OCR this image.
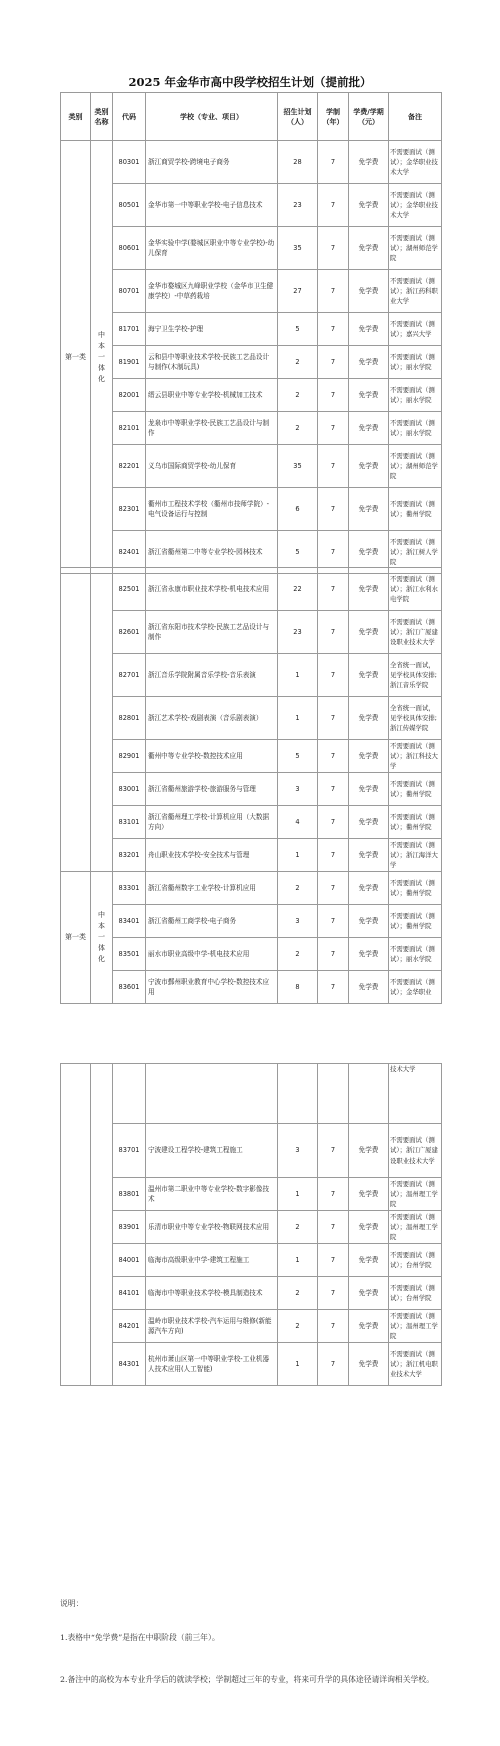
2025 年金华市高中段学校招生计划（提前批）
类别	类别名称	代码	学校（专业、项目）	招生计划（人）	学制（年）	学费/学期（元）	备注
第一类	中本一体化	80301	浙江商贸学校-跨境电子商务	28	7	免学费	不需要面试（测试）；金华职业技术大学
		80501	金华市第一中等职业学校-电子信息技术	23	7	免学费	不需要面试（测试）；金华职业技术大学
		80601	金华实验中学(婺城区职业中等专业学校)-幼儿保育	35	7	免学费	不需要面试（测试）；湖州师范学院
		80701	金华市婺城区九峰职业学校（金华市卫生健康学校）-中草药栽培	27	7	免学费	不需要面试（测试）；浙江药科职业大学
		81701	海宁卫生学校-护理	5	7	免学费	不需要面试（测试）；嘉兴大学
		81901	云和县中等职业技术学校-民族工艺品设计与制作(木制玩具)	2	7	免学费	不需要面试（测试）；丽水学院
		82001	缙云县职业中等专业学校-机械加工技术	2	7	免学费	不需要面试（测试）；丽水学院
		82101	龙泉市中等职业学校-民族工艺品设计与制作	2	7	免学费	不需要面试（测试）；丽水学院
		82201	义乌市国际商贸学校-幼儿保育	35	7	免学费	不需要面试（测试）；湖州师范学院
		82301	衢州市工程技术学校（衢州市技师学院）-电气设备运行与控制	6	7	免学费	不需要面试（测试）；衢州学院
		82401	浙江省衢州第二中等专业学校-园林技术	5	7	免学费	不需要面试（测试）；浙江树人学院
		82501	浙江省永康市职业技术学校-机电技术应用	22	7	免学费	不需要面试（测试）；浙江水利水电学院
		82601	浙江省东阳市技术学校-民族工艺品设计与制作	23	7	免学费	不需要面试（测试）；浙江广厦建设职业技术大学
		82701	浙江音乐学院附属音乐学校-音乐表演	1	7	免学费	全省统一面试，见学校具体安排;浙江音乐学院
		82801	浙江艺术学校-戏剧表演（音乐剧表演）	1	7	免学费	全省统一面试，见学校具体安排;浙江传媒学院
		82901	衢州中等专业学校-数控技术应用	5	7	免学费	不需要面试（测试）；浙江科技大学
		83001	浙江省衢州旅游学校-旅游服务与管理	3	7	免学费	不需要面试（测试）；衢州学院
		83101	浙江省衢州理工学校-计算机应用（大数据方向）	4	7	免学费	不需要面试（测试）；衢州学院
		83201	舟山职业技术学校-安全技术与管理	1	7	免学费	不需要面试（测试）；浙江海洋大学
第一类	中本一体化	83301	浙江省衢州数字工业学校-计算机应用	2	7	免学费	不需要面试（测试）；衢州学院
		83401	浙江省衢州工商学校-电子商务	3	7	免学费	不需要面试（测试）；衢州学院
		83501	丽水市职业高级中学-机电技术应用	2	7	免学费	不需要面试（测试）；丽水学院
		83601	宁波市鄞州职业教育中心学校-数控技术应用	8	7	免学费	不需要面试（测试）；金华职业
							技术大学
		83701	宁波建设工程学校-建筑工程施工	3	7	免学费	不需要面试（测试）；浙江广厦建设职业技术大学
		83801	温州市第二职业中等专业学校-数字影像技术	1	7	免学费	不需要面试（测试）；温州理工学院
		83901	乐清市职业中等专业学校-物联网技术应用	2	7	免学费	不需要面试（测试）；温州理工学院
		84001	临海市高级职业中学-建筑工程施工	1	7	免学费	不需要面试（测试）；台州学院
		84101	临海市中等职业技术学校-模具制造技术	2	7	免学费	不需要面试（测试）；台州学院
		84201	温岭市职业技术学校-汽车运用与维修(新能源汽车方向)	2	7	免学费	不需要面试（测试）；温州理工学院
		84301	杭州市萧山区第一中等职业学校-工业机器人技术应用(人工智能)	1	7	免学费	不需要面试（测试）；浙江机电职业技术大学

说明：

1.表格中“免学费”是指在中职阶段（前三年）。

2.备注中的高校为本专业升学后的就读学校；学制超过三年的专业，将来可升学的具体途径请详询相关学校。
